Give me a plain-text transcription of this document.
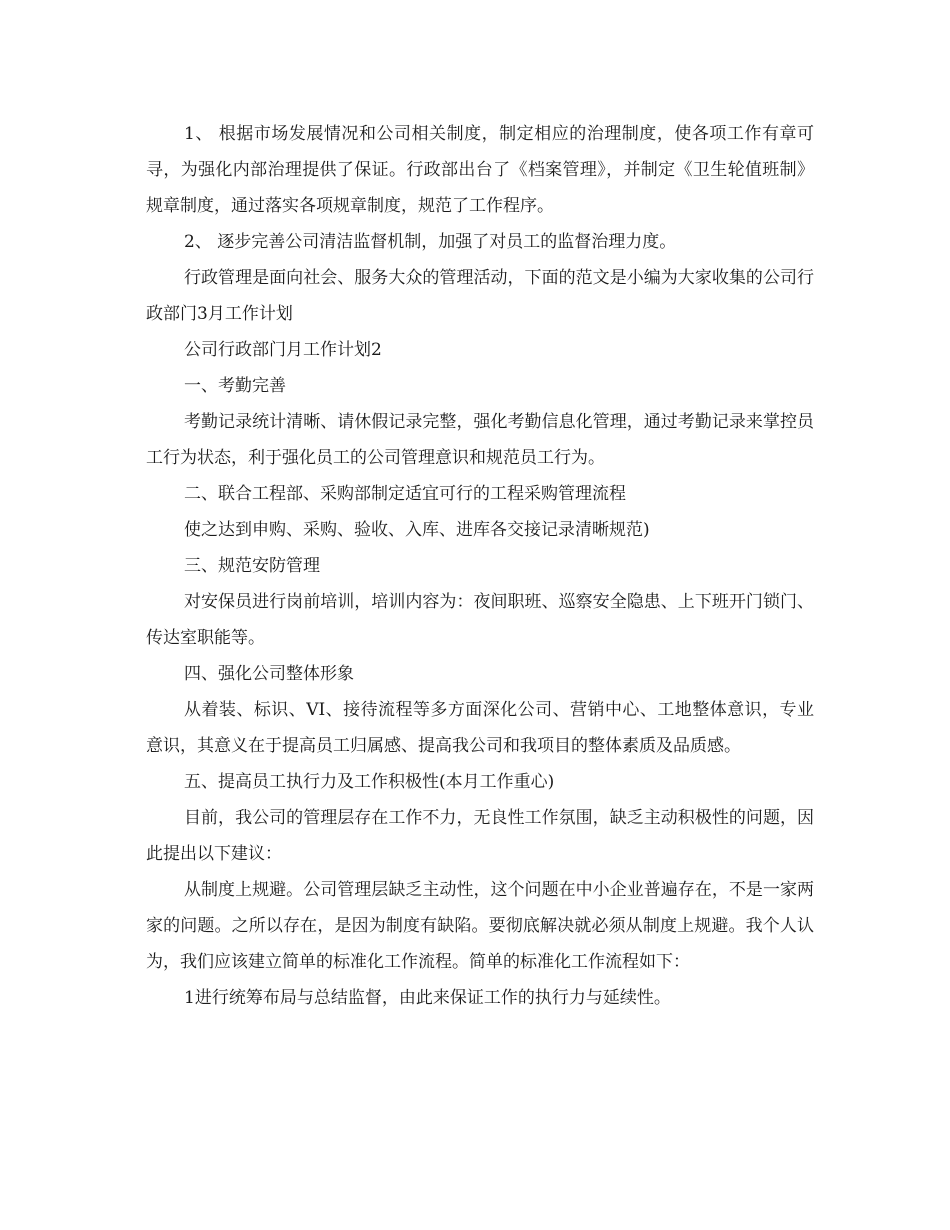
1、 根据市场发展情况和公司相关制度，制定相应的治理制度，使各项工作有章可寻，为强化内部治理提供了保证。行政部出台了《档案管理》，并制定《卫生轮值班制》规章制度，通过落实各项规章制度，规范了工作程序。

2、 逐步完善公司清洁监督机制，加强了对员工的监督治理力度。

行政管理是面向社会、服务大众的管理活动，下面的范文是小编为大家收集的公司行政部门3月工作计划

公司行政部门月工作计划2

一、考勤完善

考勤记录统计清晰、请休假记录完整，强化考勤信息化管理，通过考勤记录来掌控员工行为状态，利于强化员工的公司管理意识和规范员工行为。

二、联合工程部、采购部制定适宜可行的工程采购管理流程

使之达到申购、采购、验收、入库、进库各交接记录清晰规范)

三、规范安防管理

对安保员进行岗前培训，培训内容为：夜间职班、巡察安全隐患、上下班开门锁门、传达室职能等。

四、强化公司整体形象

从着装、标识、VI、接待流程等多方面深化公司、营销中心、工地整体意识，专业意识，其意义在于提高员工归属感、提高我公司和我项目的整体素质及品质感。

五、提高员工执行力及工作积极性(本月工作重心)

目前，我公司的管理层存在工作不力，无良性工作氛围，缺乏主动积极性的问题，因此提出以下建议：

从制度上规避。公司管理层缺乏主动性，这个问题在中小企业普遍存在，不是一家两家的问题。之所以存在，是因为制度有缺陷。要彻底解决就必须从制度上规避。我个人认为，我们应该建立简单的标准化工作流程。简单的标准化工作流程如下：

1进行统筹布局与总结监督，由此来保证工作的执行力与延续性。
